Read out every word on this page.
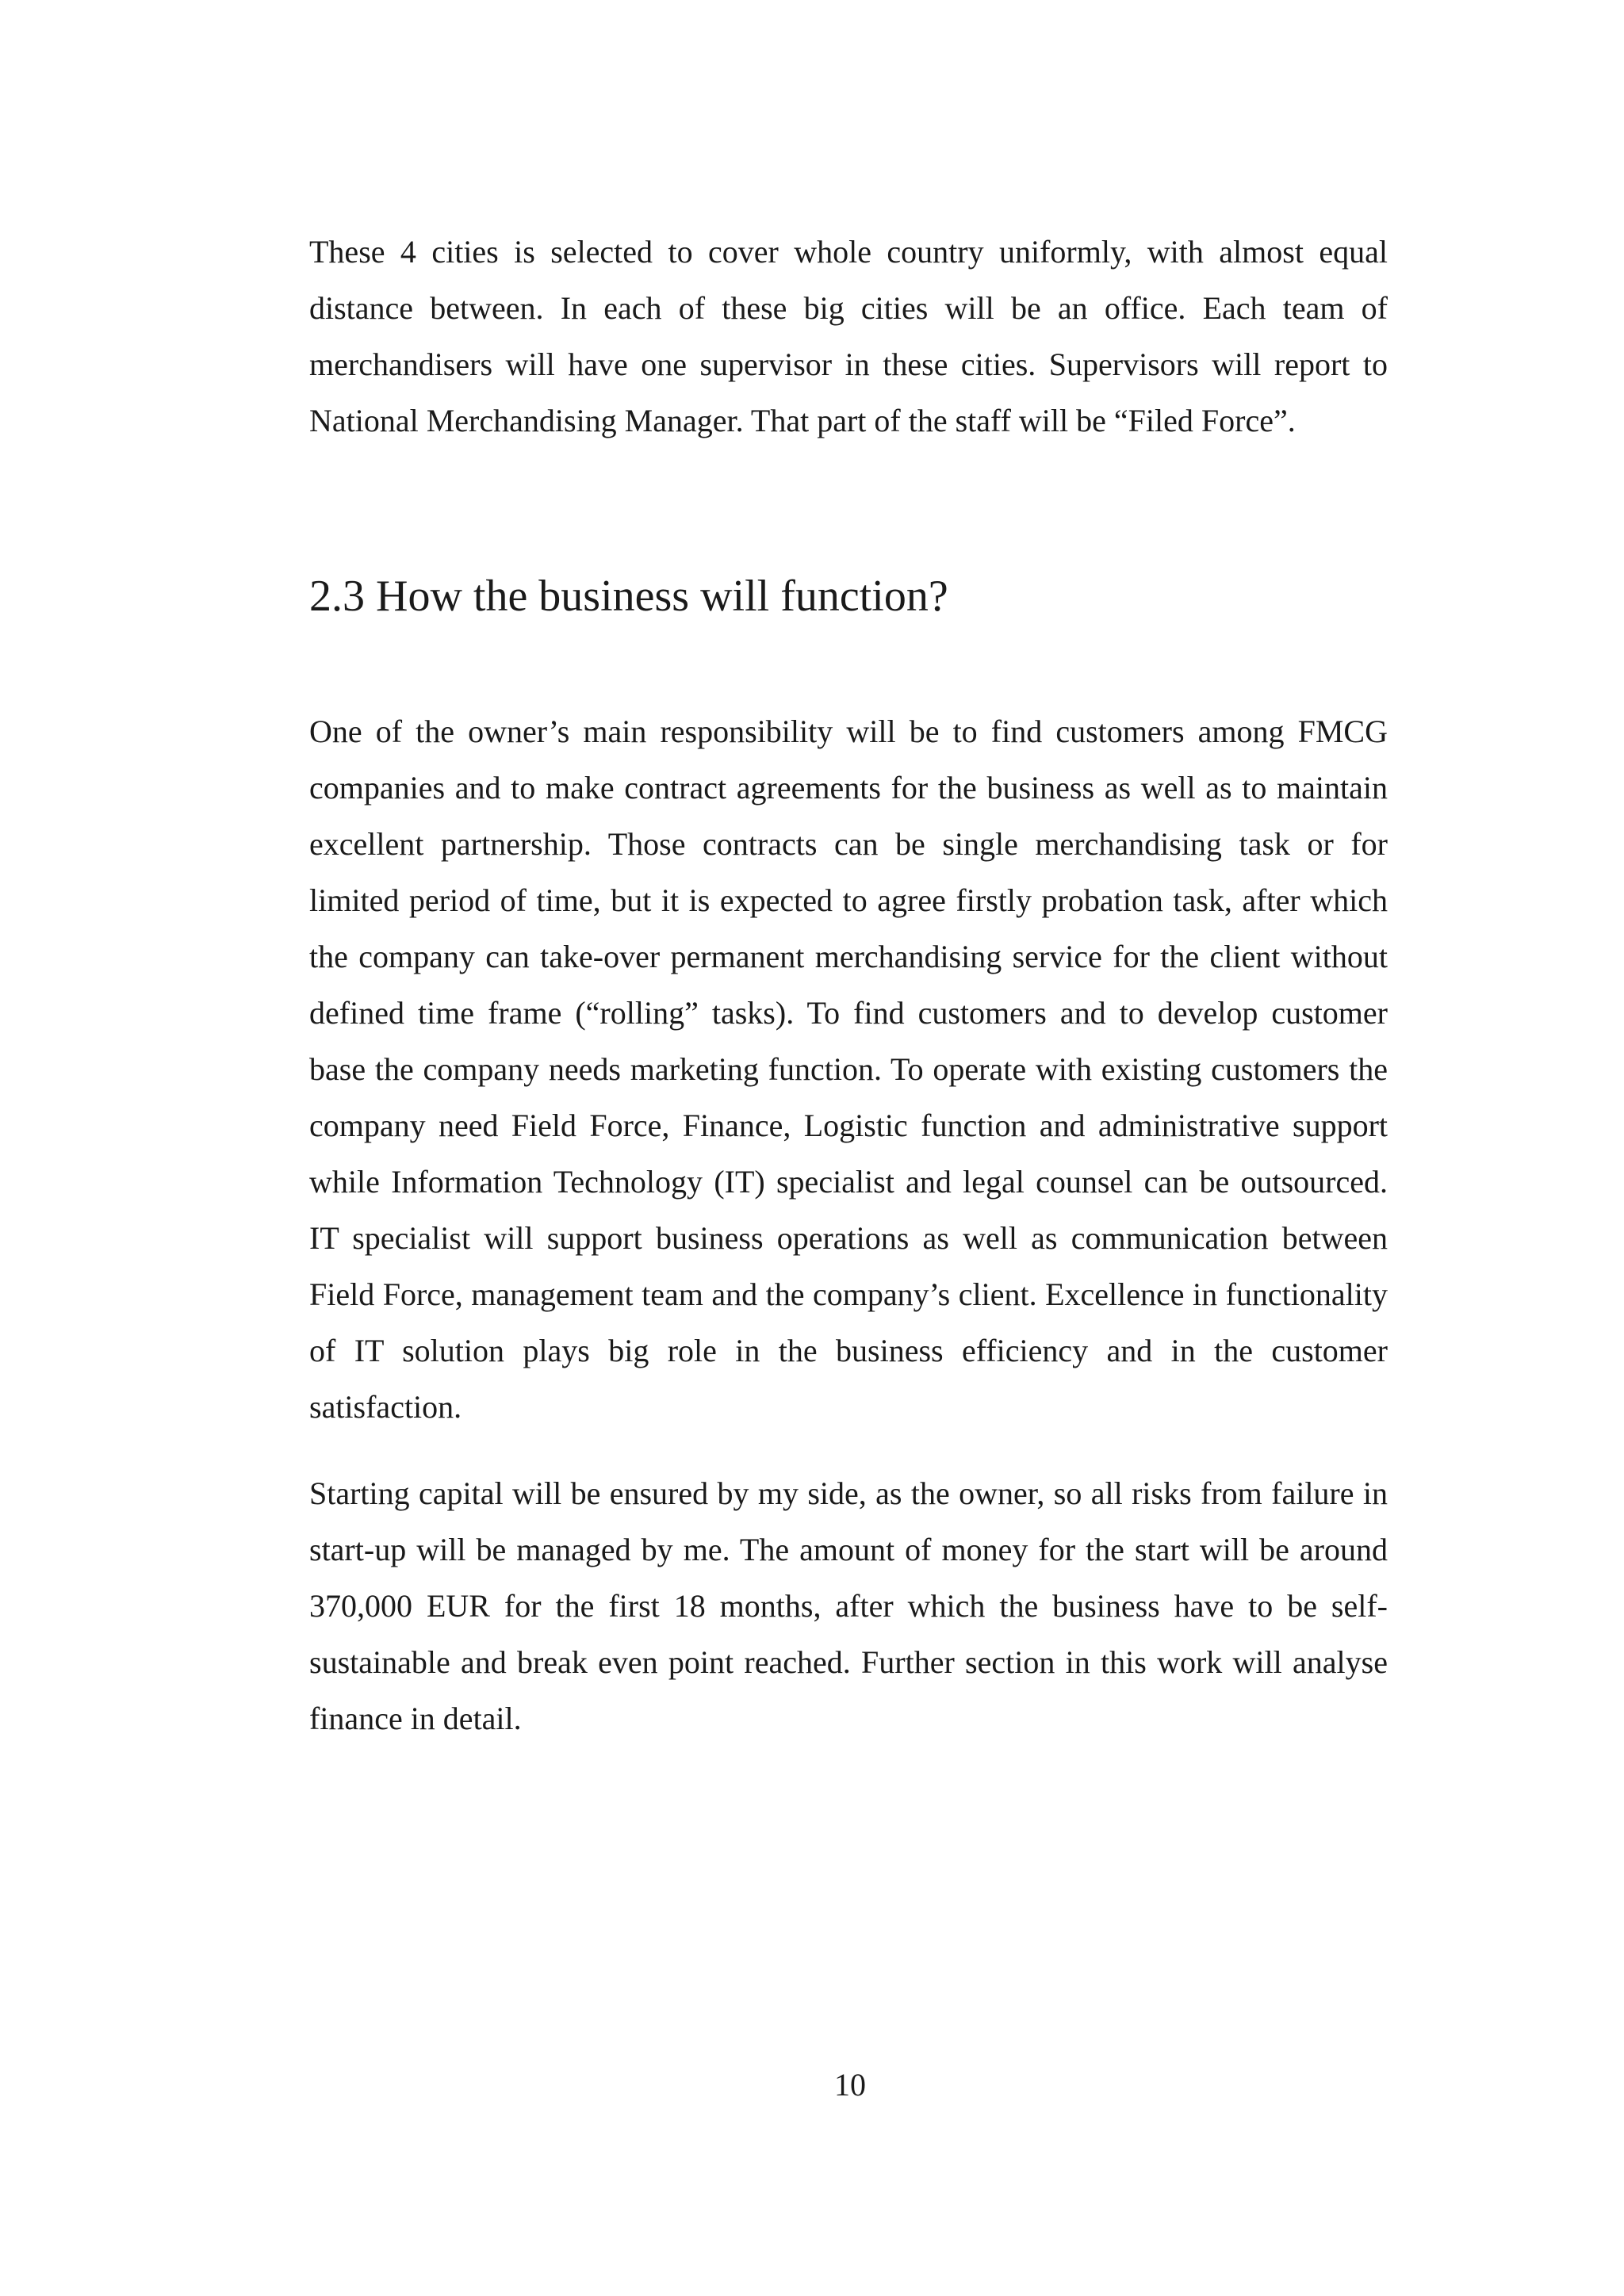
These 4 cities is selected to cover whole country uniformly, with almost equal distance between. In each of these big cities will be an office. Each team of merchandisers will have one supervisor in these cities. Supervisors will report to National Merchandising Manager. That part of the staff will be “Filed Force”.

2.3 How the business will function?

One of the owner’s main responsibility will be to find customers among FMCG companies and to make contract agreements for the business as well as to maintain excellent partnership. Those contracts can be single merchandising task or for limited period of time, but it is expected to agree firstly probation task, after which the company can take-over permanent merchandising service for the client without defined time frame (“rolling” tasks). To find customers and to develop customer base the company needs marketing function. To operate with existing customers the company need Field Force, Finance, Logistic function and administrative support while Information Technology (IT) specialist and legal counsel can be outsourced. IT specialist will support business operations as well as communication between Field Force, management team and the company’s client. Excellence in functionality of IT solution plays big role in the business efficiency and in the customer satisfaction.

Starting capital will be ensured by my side, as the owner, so all risks from failure in start-up will be managed by me. The amount of money for the start will be around 370,000 EUR for the first 18 months, after which the business have to be self-sustainable and break even point reached. Further section in this work will analyse finance in detail.

10
